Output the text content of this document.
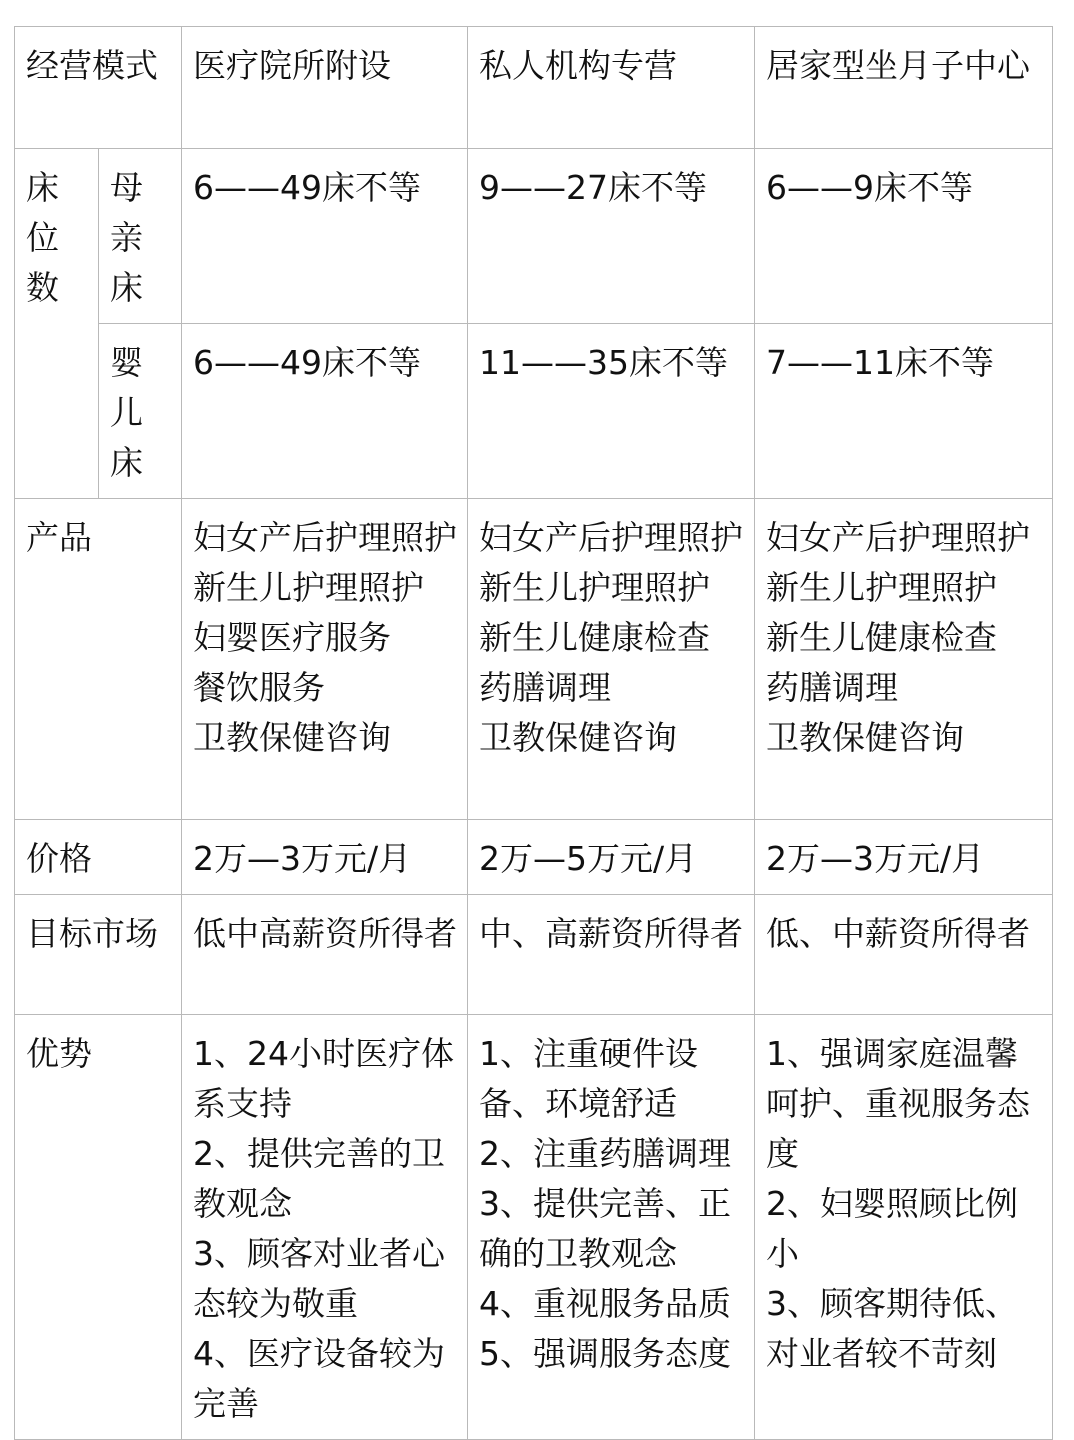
经营模式		医疗院所附设	私人机构专营	居家型坐月子中心

床
位
数	母
亲
床	6——49床不等	9——27床不等	6——9床不等

	婴
儿
床	6——49床不等	11——35床不等	7——11床不等
产品		妇女产后护理照护
新生儿护理照护
妇婴医疗服务
餐饮服务
卫教保健咨询	妇女产后护理照护
新生儿护理照护
新生儿健康检查
药膳调理
卫教保健咨询	妇女产后护理照护
新生儿护理照护
新生儿健康检查
药膳调理
卫教保健咨询

价格		2万—3万元/月	2万—5万元/月	2万—3万元/月
目标市场		低中高薪资所得者	中、高薪资所得者	低、中薪资所得者
优势		1、24小时医疗体系支持
2、提供完善的卫教观念
3、顾客对业者心态较为敬重
4、医疗设备较为完善	1、注重硬件设备、环境舒适
2、注重药膳调理
3、提供完善、正确的卫教观念
4、重视服务品质
5、强调服务态度	1、强调家庭温馨呵护、重视服务态度
2、妇婴照顾比例小
3、顾客期待低、对业者较不苛刻
